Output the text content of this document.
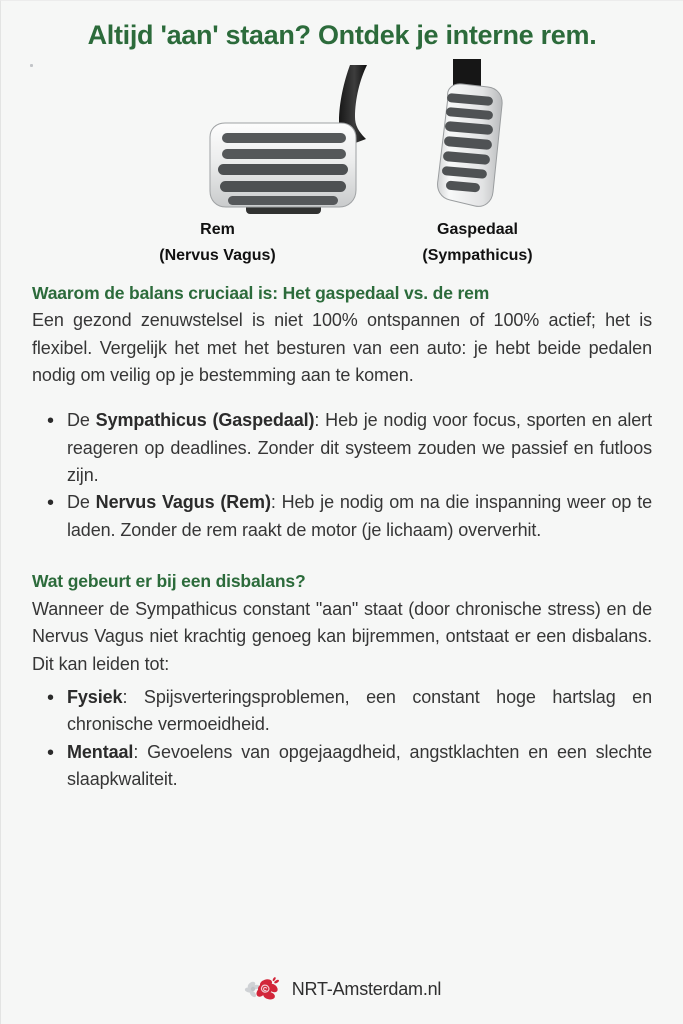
Altijd 'aan' staan? Ontdek je interne rem.
Rem
(Nervus Vagus)
Gaspedaal
(Sympathicus)
Waarom de balans cruciaal is: Het gaspedaal vs. de rem

Een gezond zenuwstelsel is niet 100% ontspannen of 100% actief; het is flexibel. Vergelijk het met het besturen van een auto: je hebt beide pedalen nodig om veilig op je bestemming aan te komen.

• De Sympathicus (Gaspedaal): Heb je nodig voor focus, sporten en alert reageren op deadlines. Zonder dit systeem zouden we passief en futloos zijn.
• De Nervus Vagus (Rem): Heb je nodig om na die inspanning weer op te laden. Zonder de rem raakt de motor (je lichaam) oververhit.
Wat gebeurt er bij een disbalans?

Wanneer de Sympathicus constant "aan" staat (door chronische stress) en de Nervus Vagus niet krachtig genoeg kan bijremmen, ontstaat er een disbalans. Dit kan leiden tot:

• Fysiek: Spijsverteringsproblemen, een constant hoge hartslag en chronische vermoeidheid.
• Mentaal: Gevoelens van opgejaagdheid, angstklachten en een slechte slaapkwaliteit.
NRT-Amsterdam.nl
